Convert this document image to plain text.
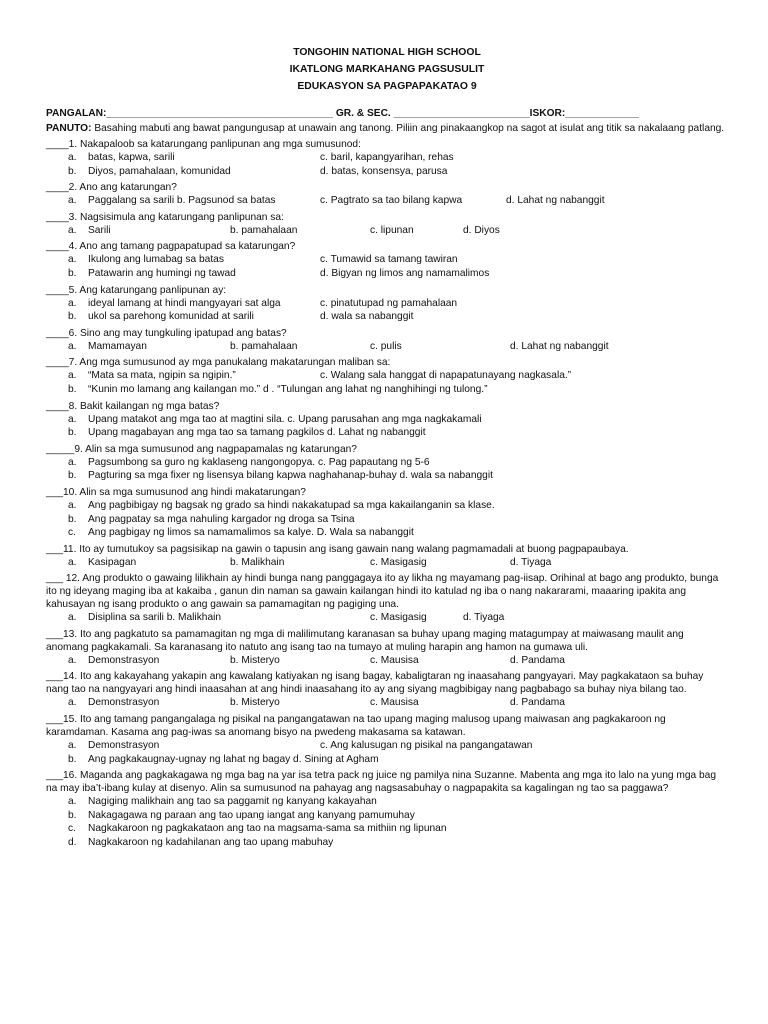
TONGOHIN NATIONAL HIGH SCHOOL
IKATLONG MARKAHANG PAGSUSULIT
EDUKASYON SA PAGPAPAKATAO 9
PANGALAN:________________________________________ GR. & SEC. ________________________ISKOR:_____________
PANUTO: Basahing mabuti ang bawat pangungusap at unawain ang tanong. Piliin ang pinakaangkop na sagot at isulat ang titik sa nakalaang patlang.
____1. Nakapaloob sa katarungang panlipunan ang mga sumusunod:
a.	batas, kapwa, sarili	c. baril, kapangyarihan, rehas
b.	Diyos, pamahalaan, komunidad	d. batas, konsensya, parusa
____2. Ano ang katarungan?
a.	Paggalang sa sarili b. Pagsunod sa batas	c. Pagtrato sa tao bilang kapwa	d. Lahat ng nabanggit
____3. Nagsisimula ang katarungang panlipunan sa:
a.	Sarili	b. pamahalaan	c. lipunan	d. Diyos
____4. Ano ang tamang pagpapatupad sa katarungan?
a.	Ikulong ang lumabag sa batas	c. Tumawid sa tamang tawiran
b.	Patawarin ang humingi ng tawad	d. Bigyan ng limos ang namamalimos
____5. Ang katarungang panlipunan ay:
a.	ideyal lamang at hindi mangyayari sat alga	c. pinatutupad ng pamahalaan
b.	ukol sa parehong komunidad at sarili	d. wala sa nabanggit
____6. Sino ang may tungkuling ipatupad ang batas?
a.	Mamamayan	b. pamahalaan	c. pulis	d. Lahat ng nabanggit
____7. Ang mga sumusunod ay mga panukalang makatarungan maliban sa:
a.	“Mata sa mata, ngipin sa ngipin.”	c. Walang sala hanggat di napapatunayang nagkasala.”
b.	“Kunin mo lamang ang kailangan mo.” d . “Tulungan ang lahat ng nanghihingi ng tulong.”
____8. Bakit kailangan ng mga batas?
a.	Upang matakot ang mga tao at magtini sila. c. Upang parusahan ang mga nagkakamali
b.	Upang magabayan ang mga tao sa tamang pagkilos d. Lahat ng nabanggit
_____9. Alin sa mga sumusunod ang nagpapamalas ng katarungan?
a.	Pagsumbong sa guro ng kaklaseng nangongopya. c. Pag papautang ng 5-6
b.	Pagturing sa mga fixer ng lisensya bilang kapwa naghahanap-buhay d. wala sa nabanggit
___10. Alin sa mga sumusunod ang hindi makatarungan?
a.	Ang pagbibigay ng bagsak ng grado sa hindi nakakatupad sa mga kakailanganin sa klase.
b.	Ang pagpatay sa mga nahuling kargador ng droga sa Tsina
c.	Ang pagbigay ng limos sa namamalimos sa kalye. D. Wala sa nabanggit
___11. Ito ay tumutukoy sa pagsisikap na gawin o tapusin ang isang gawain nang walang pagmamadali at buong pagpapaubaya.
a.	Kasipagan	b. Malikhain	c. Masigasig	d. Tiyaga
___ 12. Ang produkto o gawaing lilikhain ay hindi bunga nang panggagaya ito ay likha ng mayamang pag-iisap. Orihinal at bago ang produkto, bunga ito ng ideyang maging iba at kakaiba , ganun din naman sa gawain kailangan hindi ito katulad ng iba o nang nakararami, maaaring ipakita ang kahusayan ng isang produkto o ang gawain sa pamamagitan ng pagiging una.
a.	Disiplina sa sarili b. Malikhain	c. Masigasig	d. Tiyaga
___13. Ito ang pagkatuto sa pamamagitan ng mga di malilimutang karanasan sa buhay upang maging matagumpay at maiwasang maulit ang anomang pagkakamali. Sa karanasang ito natuto ang isang tao na tumayo at muling harapin ang hamon na gumawa uli.
a.	Demonstrasyon	b. Misteryo	c. Mausisa	d. Pandama
___14. Ito ang kakayahang yakapin ang kawalang katiyakan ng isang bagay, kabaligtaran ng inaasahang pangyayari. May pagkakataon sa buhay nang tao na nangyayari ang hindi inaasahan at ang hindi inaasahang ito ay ang siyang magbibigay nang pagbabago sa buhay niya bilang tao.
a.	Demonstrasyon	b. Misteryo	c. Mausisa	d. Pandama
___15. Ito ang tamang pangangalaga ng pisikal na pangangatawan na tao upang maging malusog upang maiwasan ang pagkakaroon ng karamdaman. Kasama ang pag-iwas sa anomang bisyo na pwedeng makasama sa katawan.
a.	Demonstrasyon	c. Ang kalusugan ng pisikal na pangangatawan
b.	Ang pagkakaugnay-ugnay ng lahat ng bagay d. Sining at Agham
___16. Maganda ang pagkakagawa ng mga bag na yar isa tetra pack ng juice ng pamilya nina Suzanne. Mabenta ang mga ito lalo na yung mga bag na may iba’t-ibang kulay at disenyo. Alin sa sumusunod na pahayag ang nagsasabuhay o nagpapakita sa kagalingan ng tao sa paggawa?
a.	Nagiging malikhain ang tao sa paggamit ng kanyang kakayahan
b.	Nakagagawa ng paraan ang tao upang iangat ang kanyang pamumuhay
c.	Nagkakaroon ng pagkakataon ang tao na magsama-sama sa mithiin ng lipunan
d.	Nagkakaroon ng kadahilanan ang tao upang mabuhay
